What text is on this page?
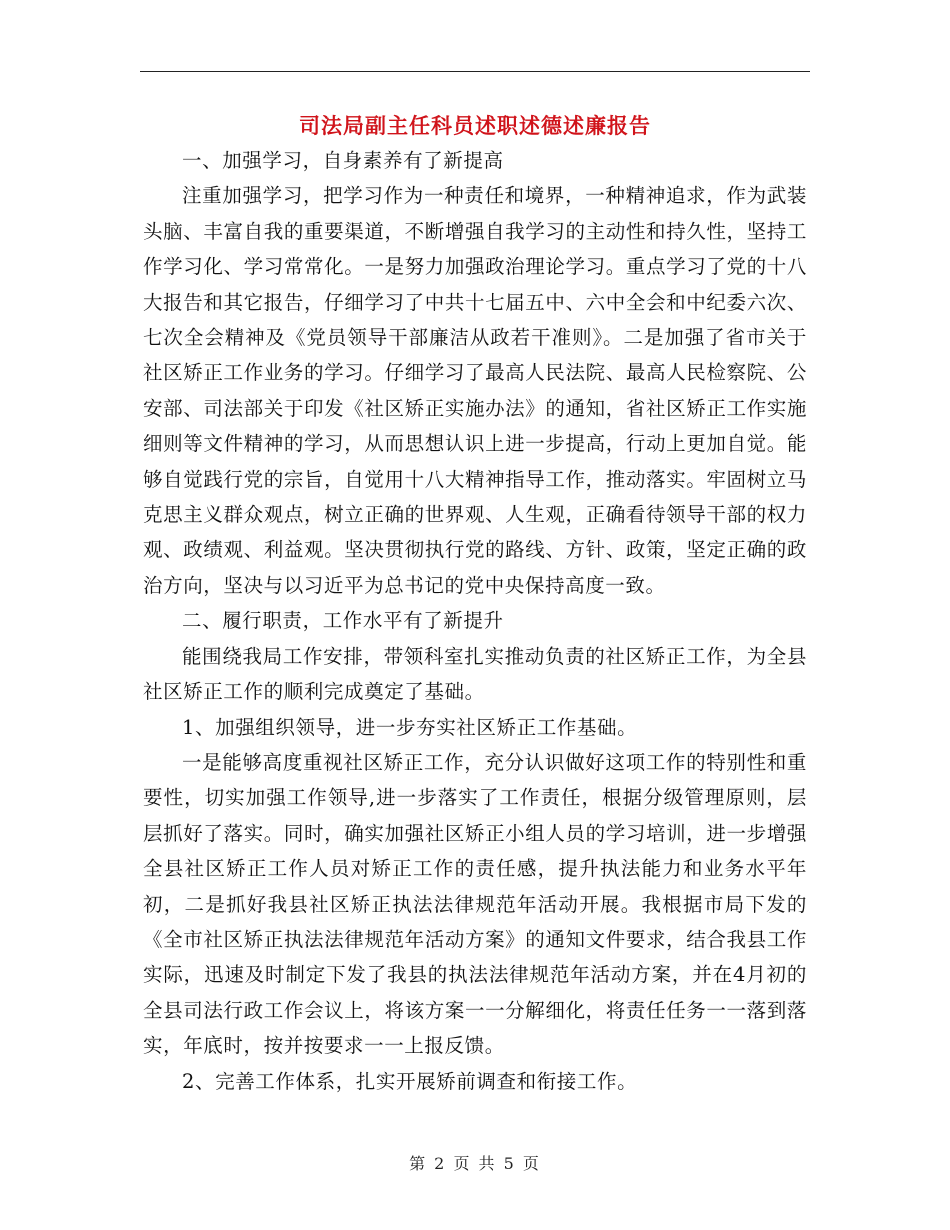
司法局副主任科员述职述德述廉报告

一、加强学习，自身素养有了新提高

注重加强学习，把学习作为一种责任和境界，一种精神追求，作为武装头脑、丰富自我的重要渠道，不断增强自我学习的主动性和持久性，坚持工作学习化、学习常常化。一是努力加强政治理论学习。重点学习了党的十八大报告和其它报告，仔细学习了中共十七届五中、六中全会和中纪委六次、七次全会精神及《党员领导干部廉洁从政若干准则》。二是加强了省市关于社区矫正工作业务的学习。仔细学习了最高人民法院、最高人民检察院、公安部、司法部关于印发《社区矫正实施办法》的通知，省社区矫正工作实施细则等文件精神的学习，从而思想认识上进一步提高，行动上更加自觉。能够自觉践行党的宗旨，自觉用十八大精神指导工作，推动落实。牢固树立马克思主义群众观点，树立正确的世界观、人生观，正确看待领导干部的权力观、政绩观、利益观。坚决贯彻执行党的路线、方针、政策，坚定正确的政治方向，坚决与以习近平为总书记的党中央保持高度一致。

二、履行职责，工作水平有了新提升

能围绕我局工作安排，带领科室扎实推动负责的社区矫正工作，为全县社区矫正工作的顺利完成奠定了基础。

1、加强组织领导，进一步夯实社区矫正工作基础。

一是能够高度重视社区矫正工作，充分认识做好这项工作的特别性和重要性，切实加强工作领导,进一步落实了工作责任，根据分级管理原则，层层抓好了落实。同时，确实加强社区矫正小组人员的学习培训，进一步增强全县社区矫正工作人员对矫正工作的责任感，提升执法能力和业务水平年初，二是抓好我县社区矫正执法法律规范年活动开展。我根据市局下发的《全市社区矫正执法法律规范年活动方案》的通知文件要求，结合我县工作实际，迅速及时制定下发了我县的执法法律规范年活动方案，并在4月初的全县司法行政工作会议上，将该方案一一分解细化，将责任任务一一落到落实，年底时，按并按要求一一上报反馈。

2、完善工作体系，扎实开展矫前调查和衔接工作。

第 2 页 共 5 页
